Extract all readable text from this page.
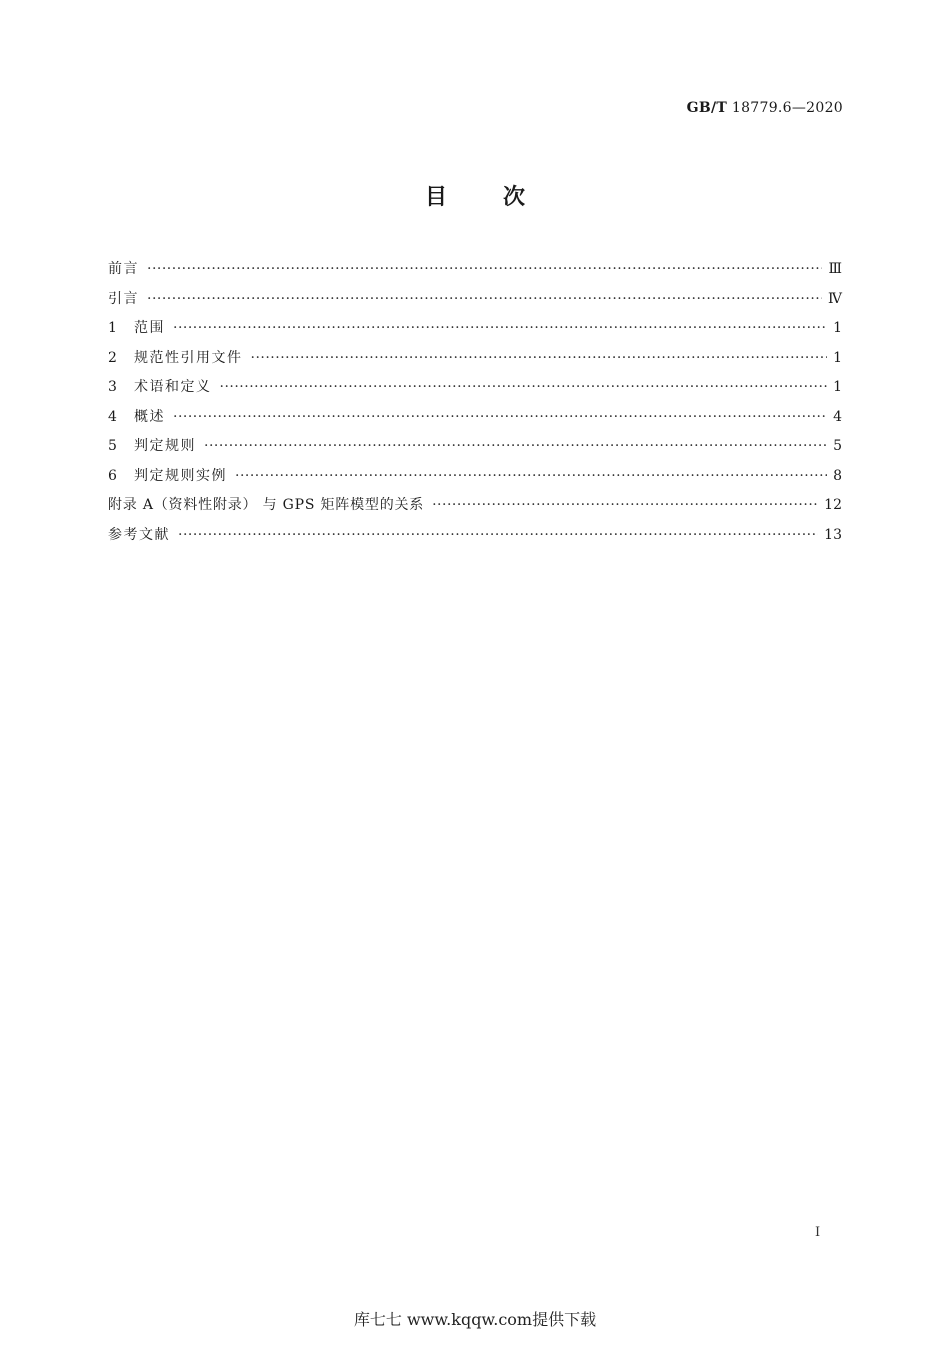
GB/T 18779.6—2020
目	次
前言 ·····	Ⅲ
引言 ·····	Ⅳ
1	范围 ·····	1
2	规范性引用文件 ·····	1
3	术语和定义 ·····	1
4	概述 ·····	4
5	判定规则 ·····	5
6	判定规则实例 ·····	8
附录 A（资料性附录） 与 GPS 矩阵模型的关系 ·····	12
参考文献 ·····	13
I
库七七 www.kqqw.com提供下载
